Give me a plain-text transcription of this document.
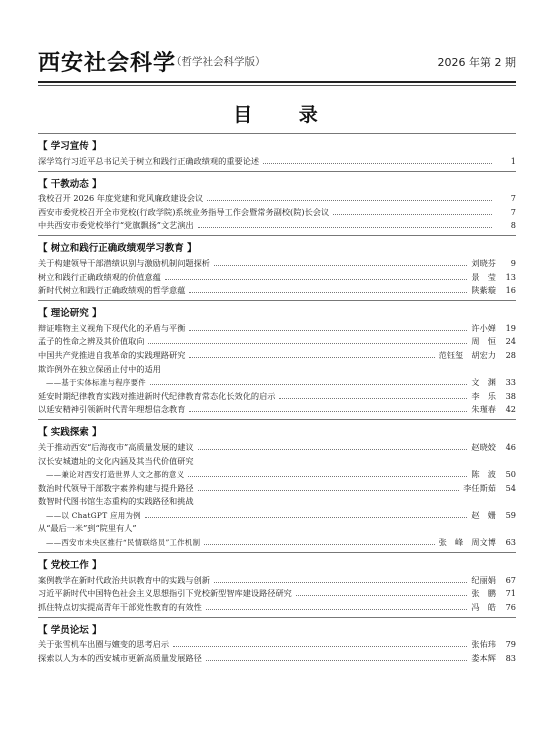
西安社会科学
（哲学社会科学版）	2026 年第 2 期
目 录
【 学习宣传 】
深学笃行习近平总书记关于树立和践行正确政绩观的重要论述	1
【 干教动态 】
我校召开 2026 年度党建和党风廉政建设会议	7
西安市委党校召开全市党校(行政学院)系统业务指导工作会暨常务副校(院)长会议	7
中共西安市委党校举行“党旗飘扬”文艺演出	8
【 树立和践行正确政绩观学习教育 】
关于构建领导干部潜绩识别与激励机制问题探析	刘晓芬	9
树立和践行正确政绩观的价值意蕴	景　莹	13
新时代树立和践行正确政绩观的哲学意蕴	陕紫璇	16
【 理论研究 】
辩证唯物主义视角下现代化的矛盾与平衡	许小婵	19
孟子的性命之辨及其价值取向	周　恒	24
中国共产党推进自我革命的实践理路研究	范钰玺　胡宏力	28
欺诈例外在独立保函止付中的适用
——基于实体标准与程序要件	文　渊	33
延安时期纪律教育实践对推进新时代纪律教育常态化长效化的启示	李　乐	38
以延安精神引领新时代青年理想信念教育	朱瑾春	42
【 实践探索 】
关于推动西安“后海夜市”高质量发展的建议	赵晓姣	46
汉长安城遗址的文化内涵及其当代价值研究
——兼论对西安打造世界人文之都的意义	陈　波	50
数治时代领导干部数字素养构建与提升路径	李任斯茹	54
数智时代图书馆生态重构的实践路径和挑战
——以 ChatGPT 应用为例	赵　姗	59
从“最后一米”到“院里有人”
——西安市未央区推行“民情联络员”工作机制	张　峰　周文博	63
【 党校工作 】
案例教学在新时代政治共识教育中的实践与创新	纪丽娟	67
习近平新时代中国特色社会主义思想指引下党校新型智库建设路径研究	张　鹏	71
抓住特点切实提高青年干部党性教育的有效性	冯　皓	76
【 学员论坛 】
关于张雪机车出圈与嬗变的思考启示	张佑玮	79
探索以人为本的西安城市更新高质量发展路径	娄本辉	83
